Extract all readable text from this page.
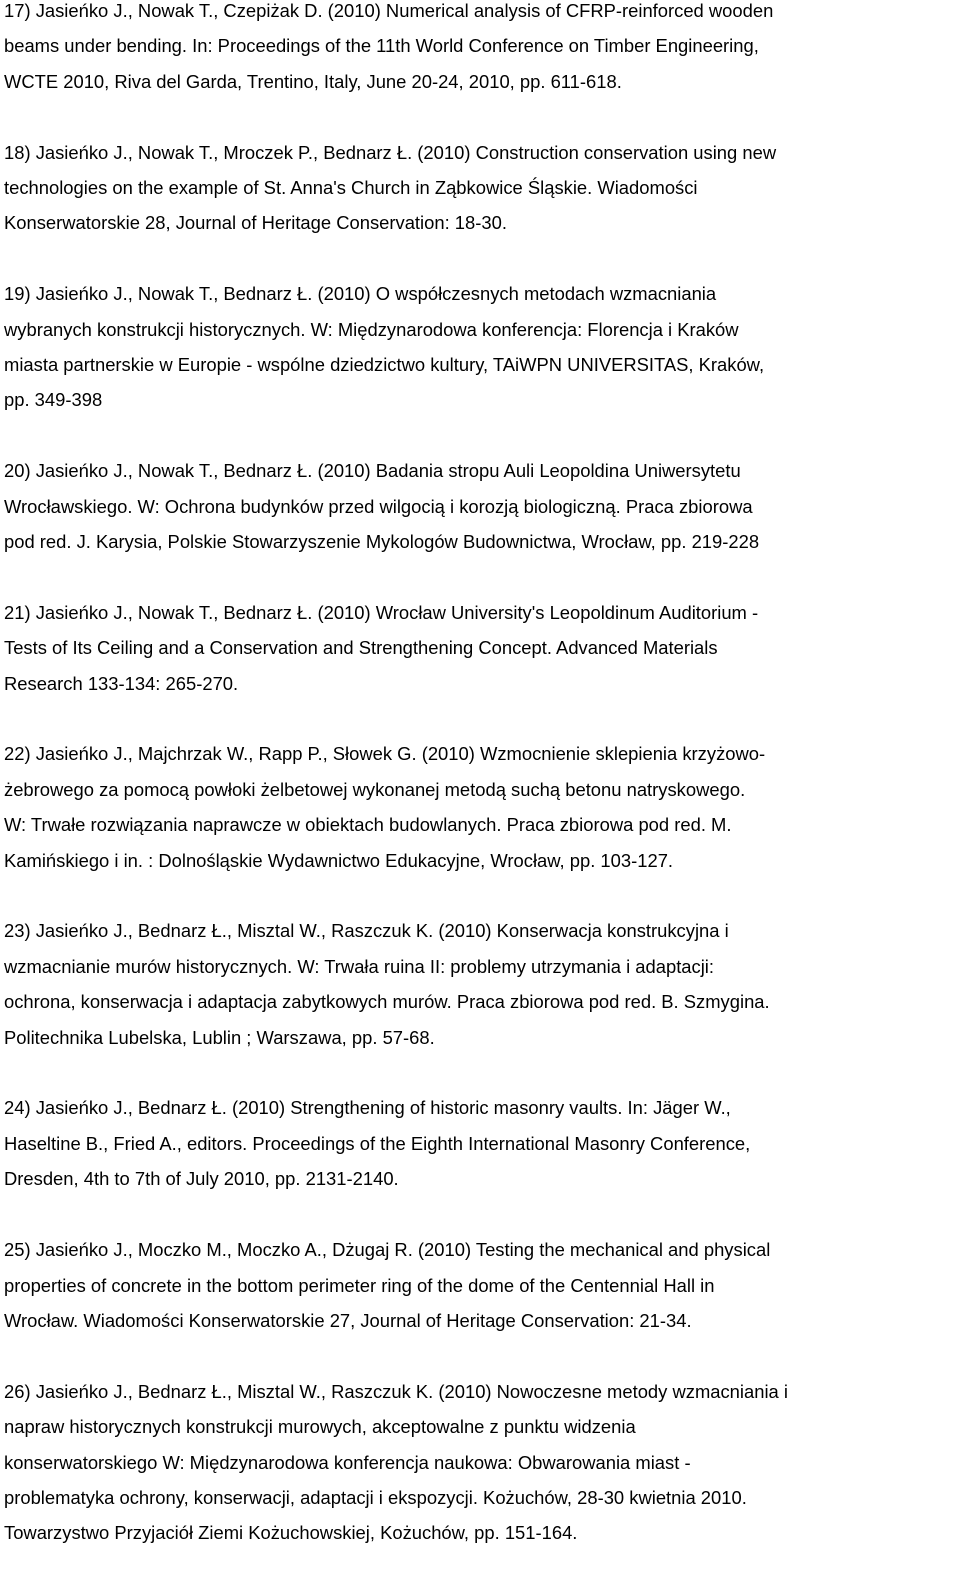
17) Jasieńko J., Nowak T., Czepiżak D. (2010) Numerical analysis of CFRP-reinforced wooden
beams under bending. In: Proceedings of the 11th World Conference on Timber Engineering,
WCTE 2010, Riva del Garda, Trentino, Italy, June 20-24, 2010, pp. 611-618.

18) Jasieńko J., Nowak T., Mroczek P., Bednarz Ł. (2010) Construction conservation using new
technologies on the example of St. Anna's Church in Ząbkowice Śląskie. Wiadomości
Konserwatorskie 28, Journal of Heritage Conservation: 18-30.

19) Jasieńko J., Nowak T., Bednarz Ł. (2010) O współczesnych metodach wzmacniania
wybranych konstrukcji historycznych. W: Międzynarodowa konferencja: Florencja i Kraków
miasta partnerskie w Europie - wspólne dziedzictwo kultury, TAiWPN UNIVERSITAS, Kraków,
pp. 349-398

20) Jasieńko J., Nowak T., Bednarz Ł. (2010) Badania stropu Auli Leopoldina Uniwersytetu
Wrocławskiego. W: Ochrona budynków przed wilgocią i korozją biologiczną. Praca zbiorowa
pod red. J. Karysia, Polskie Stowarzyszenie Mykologów Budownictwa, Wrocław, pp. 219-228

21) Jasieńko J., Nowak T., Bednarz Ł. (2010) Wrocław University's Leopoldinum Auditorium -
Tests of Its Ceiling and a Conservation and Strengthening Concept. Advanced Materials
Research 133-134: 265-270.

22) Jasieńko J., Majchrzak W., Rapp P., Słowek G. (2010) Wzmocnienie sklepienia krzyżowo-
żebrowego za pomocą powłoki żelbetowej wykonanej metodą suchą betonu natryskowego.
W: Trwałe rozwiązania naprawcze w obiektach budowlanych. Praca zbiorowa pod red. M.
Kamińskiego i in. : Dolnośląskie Wydawnictwo Edukacyjne, Wrocław, pp. 103-127.

23) Jasieńko J., Bednarz Ł., Misztal W., Raszczuk K. (2010) Konserwacja konstrukcyjna i
wzmacnianie murów historycznych. W: Trwała ruina II: problemy utrzymania i adaptacji:
ochrona, konserwacja i adaptacja zabytkowych murów. Praca zbiorowa pod red. B. Szmygina.
Politechnika Lubelska, Lublin ; Warszawa, pp. 57-68.

24) Jasieńko J., Bednarz Ł. (2010) Strengthening of historic masonry vaults. In: Jäger W.,
Haseltine B., Fried A., editors. Proceedings of the Eighth International Masonry Conference,
Dresden, 4th to 7th of July 2010, pp. 2131-2140.

25) Jasieńko J., Moczko M., Moczko A., Dżugaj R. (2010) Testing the mechanical and physical
properties of concrete in the bottom perimeter ring of the dome of the Centennial Hall in
Wrocław. Wiadomości Konserwatorskie 27, Journal of Heritage Conservation: 21-34.

26) Jasieńko J., Bednarz Ł., Misztal W., Raszczuk K. (2010) Nowoczesne metody wzmacniania i
napraw historycznych konstrukcji murowych, akceptowalne z punktu widzenia
konserwatorskiego W: Międzynarodowa konferencja naukowa: Obwarowania miast -
problematyka ochrony, konserwacji, adaptacji i ekspozycji. Kożuchów, 28-30 kwietnia 2010.
Towarzystwo Przyjaciół Ziemi Kożuchowskiej, Kożuchów, pp. 151-164.
